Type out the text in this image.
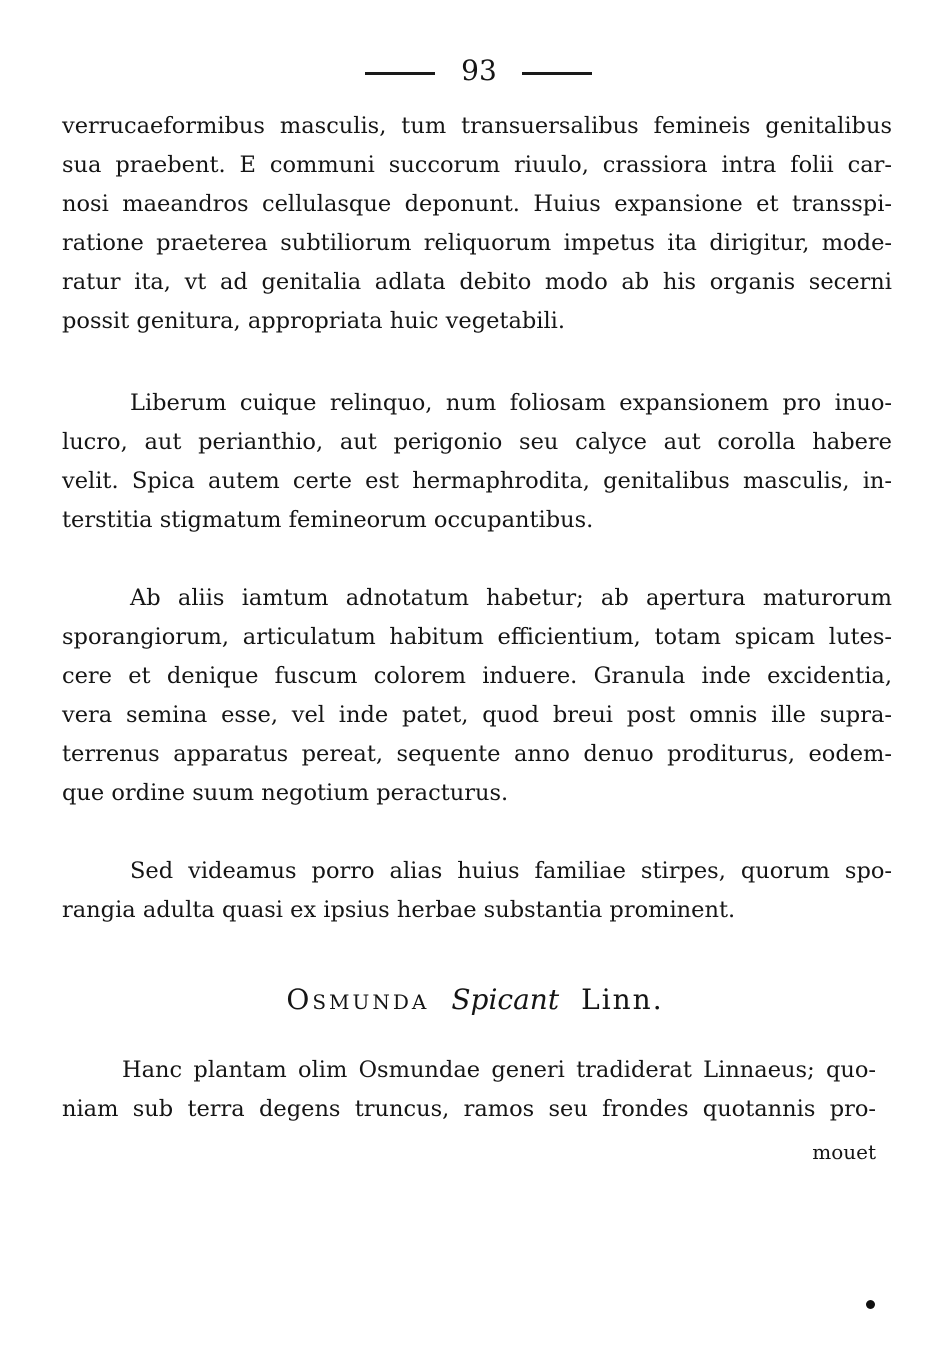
93
verrucaeformibus masculis, tum transuersalibus femineis genitalibus
sua praebent. E communi succorum riuulo, crassiora intra folii car-
nosi maeandros cellulasque deponunt. Huius expansione et transspi-
ratione praeterea subtiliorum reliquorum impetus ita dirigitur, mode-
ratur ita, vt ad genitalia adlata debito modo ab his organis secerni
possit genitura, appropriata huic vegetabili.
Liberum cuique relinquo, num foliosam expansionem pro inuo-
lucro, aut perianthio, aut perigonio seu calyce aut corolla habere
velit. Spica autem certe est hermaphrodita, genitalibus masculis, in-
terstitia stigmatum femineorum occupantibus.
Ab aliis iamtum adnotatum habetur; ab apertura maturorum
sporangiorum, articulatum habitum efficientium, totam spicam lutes-
cere et denique fuscum colorem induere. Granula inde excidentia,
vera semina esse, vel inde patet, quod breui post omnis ille supra-
terrenus apparatus pereat, sequente anno denuo proditurus, eodem-
que ordine suum negotium peracturus.
Sed videamus porro alias huius familiae stirpes, quorum spo-
rangia adulta quasi ex ipsius herbae substantia prominent.
Osmunda Spicant Linn.
Hanc plantam olim Osmundae generi tradiderat Linnaeus; quo-
niam sub terra degens truncus, ramos seu frondes quotannis pro-
mouet
